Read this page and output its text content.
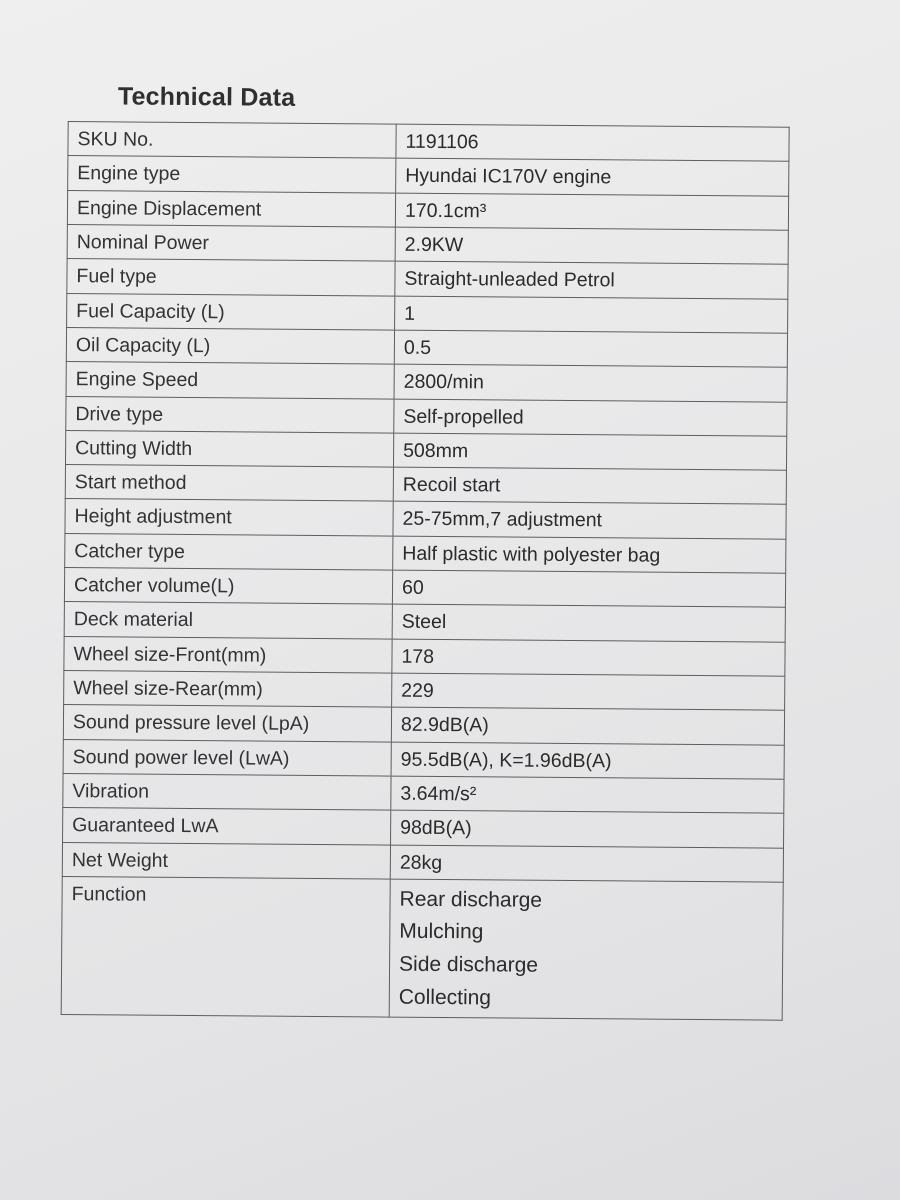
Technical Data
SKU No.	1191106
Engine type	Hyundai IC170V engine
Engine Displacement	170.1cm³
Nominal Power	2.9KW
Fuel type	Straight-unleaded Petrol
Fuel Capacity (L)	1
Oil Capacity (L)	0.5
Engine Speed	2800/min
Drive type	Self-propelled
Cutting Width	508mm
Start method	Recoil start
Height adjustment	25-75mm,7 adjustment
Catcher type	Half plastic with polyester bag
Catcher volume(L)	60
Deck material	Steel
Wheel size-Front(mm)	178
Wheel size-Rear(mm)	229
Sound pressure level (LpA)	82.9dB(A)
Sound power level (LwA)	95.5dB(A), K=1.96dB(A)
Vibration	3.64m/s²
Guaranteed LwA	98dB(A)
Net Weight	28kg
Function	Rear discharge
Mulching
Side discharge
Collecting
